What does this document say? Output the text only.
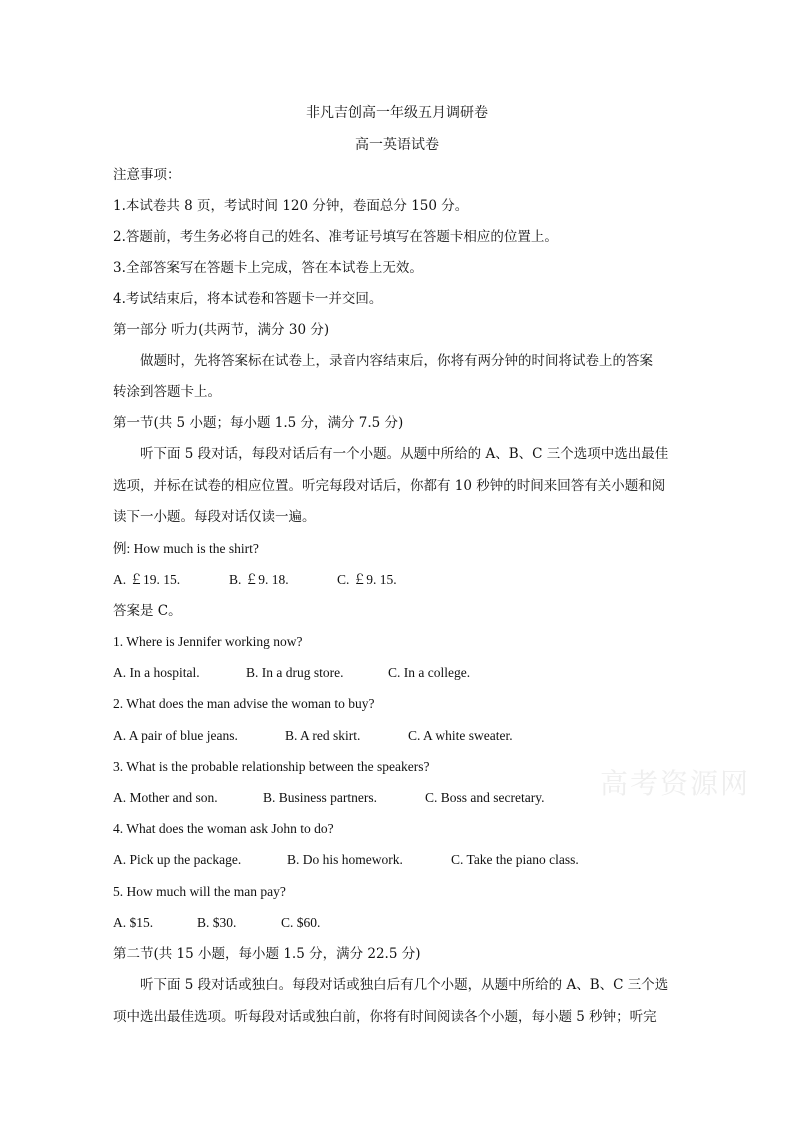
非凡吉创高一年级五月调研卷
高一英语试卷
注意事项：
1.本试卷共 8 页，考试时间 120 分钟，卷面总分 150 分。
2.答题前，考生务必将自己的姓名、准考证号填写在答题卡相应的位置上。
3.全部答案写在答题卡上完成，答在本试卷上无效。
4.考试结束后，将本试卷和答题卡一并交回。
第一部分 听力(共两节，满分 30 分)
做题时，先将答案标在试卷上，录音内容结束后，你将有两分钟的时间将试卷上的答案
转涂到答题卡上。
第一节(共 5 小题；每小题 1.5 分，满分 7.5 分)
听下面 5 段对话，每段对话后有一个小题。从题中所给的 A、B、C 三个选项中选出最佳
选项，并标在试卷的相应位置。听完每段对话后，你都有 10 秒钟的时间来回答有关小题和阅
读下一小题。每段对话仅读一遍。
例: How much is the shirt?
A. ￡19. 15.	B. ￡9. 18.	C. ￡9. 15.
答案是 C。
1. Where is Jennifer working now?
A. In a hospital.	B. In a drug store.	C. In a college.
2. What does the man advise the woman to buy?
A. A pair of blue jeans.	B. A red skirt.	C. A white sweater.
3. What is the probable relationship between the speakers?
A. Mother and son.	B. Business partners.	C. Boss and secretary.
4. What does the woman ask John to do?
A. Pick up the package.	B. Do his homework.	C. Take the piano class.
5. How much will the man pay?
A. $15.	B. $30.	C. $60.
第二节(共 15 小题，每小题 1.5 分，满分 22.5 分)
听下面 5 段对话或独白。每段对话或独白后有几个小题，从题中所给的 A、B、C 三个选
项中选出最佳选项。听每段对话或独白前，你将有时间阅读各个小题，每小题 5 秒钟；听完
高考资源网
